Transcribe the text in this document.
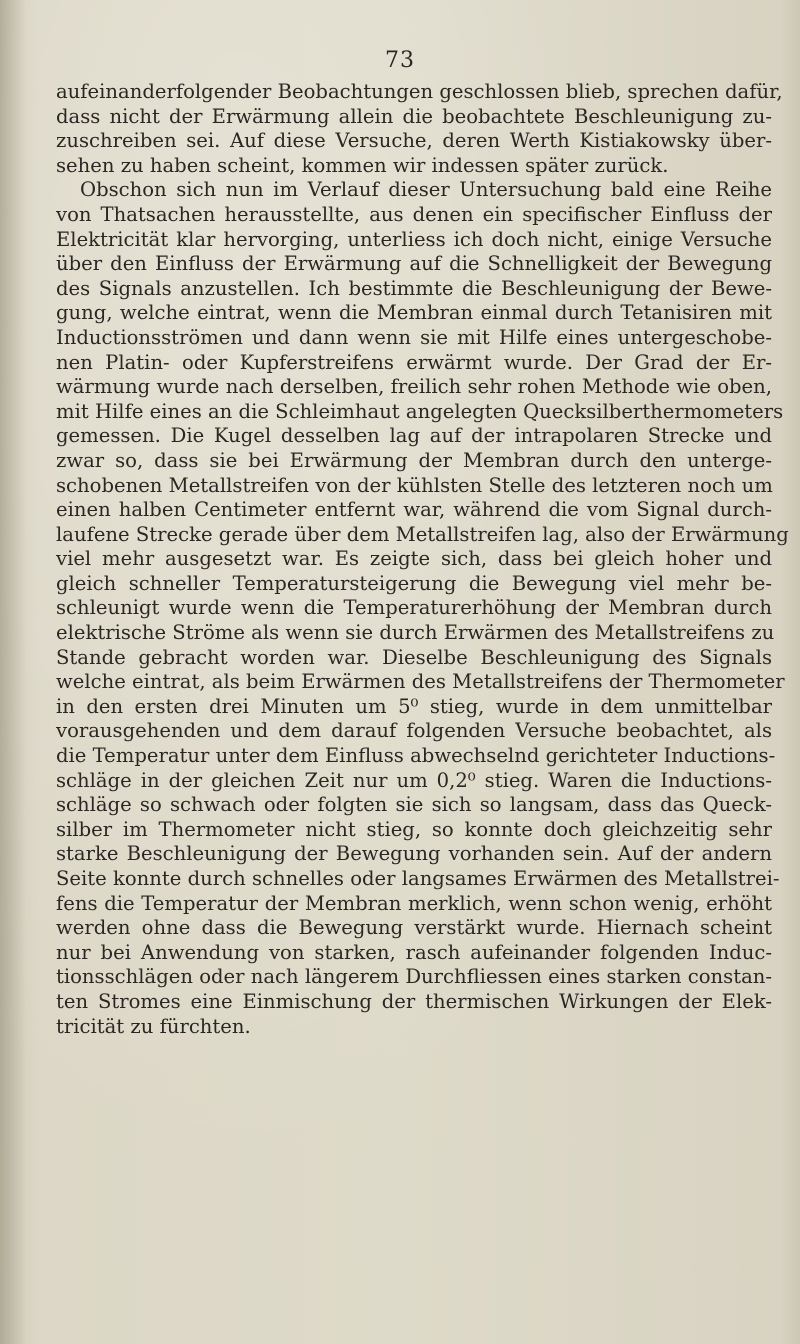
73
aufeinanderfolgender Beobachtungen geschlossen blieb, sprechen dafür,
dass nicht der Erwärmung allein die beobachtete Beschleunigung zu-
zuschreiben sei. Auf diese Versuche, deren Werth Kistiakowsky über-
sehen zu haben scheint, kommen wir indessen später zurück.
Obschon sich nun im Verlauf dieser Untersuchung bald eine Reihe
von Thatsachen herausstellte, aus denen ein specifischer Einfluss der
Elektricität klar hervorging, unterliess ich doch nicht, einige Versuche
über den Einfluss der Erwärmung auf die Schnelligkeit der Bewegung
des Signals anzustellen. Ich bestimmte die Beschleunigung der Bewe-
gung, welche eintrat, wenn die Membran einmal durch Tetanisiren mit
Inductionsströmen und dann wenn sie mit Hilfe eines untergeschobe-
nen Platin- oder Kupferstreifens erwärmt wurde. Der Grad der Er-
wärmung wurde nach derselben, freilich sehr rohen Methode wie oben,
mit Hilfe eines an die Schleimhaut angelegten Quecksilberthermometers
gemessen. Die Kugel desselben lag auf der intrapolaren Strecke und
zwar so, dass sie bei Erwärmung der Membran durch den unterge-
schobenen Metallstreifen von der kühlsten Stelle des letzteren noch um
einen halben Centimeter entfernt war, während die vom Signal durch-
laufene Strecke gerade über dem Metallstreifen lag, also der Erwärmung
viel mehr ausgesetzt war. Es zeigte sich, dass bei gleich hoher und
gleich schneller Temperatursteigerung die Bewegung viel mehr be-
schleunigt wurde wenn die Temperaturerhöhung der Membran durch
elektrische Ströme als wenn sie durch Erwärmen des Metallstreifens zu
Stande gebracht worden war. Dieselbe Beschleunigung des Signals
welche eintrat, als beim Erwärmen des Metallstreifens der Thermometer
in den ersten drei Minuten um 5⁰ stieg, wurde in dem unmittelbar
vorausgehenden und dem darauf folgenden Versuche beobachtet, als
die Temperatur unter dem Einfluss abwechselnd gerichteter Inductions-
schläge in der gleichen Zeit nur um 0,2⁰ stieg. Waren die Inductions-
schläge so schwach oder folgten sie sich so langsam, dass das Queck-
silber im Thermometer nicht stieg, so konnte doch gleichzeitig sehr
starke Beschleunigung der Bewegung vorhanden sein. Auf der andern
Seite konnte durch schnelles oder langsames Erwärmen des Metallstrei-
fens die Temperatur der Membran merklich, wenn schon wenig, erhöht
werden ohne dass die Bewegung verstärkt wurde. Hiernach scheint
nur bei Anwendung von starken, rasch aufeinander folgenden Induc-
tionsschlägen oder nach längerem Durchfliessen eines starken constan-
ten Stromes eine Einmischung der thermischen Wirkungen der Elek-
tricität zu fürchten.
